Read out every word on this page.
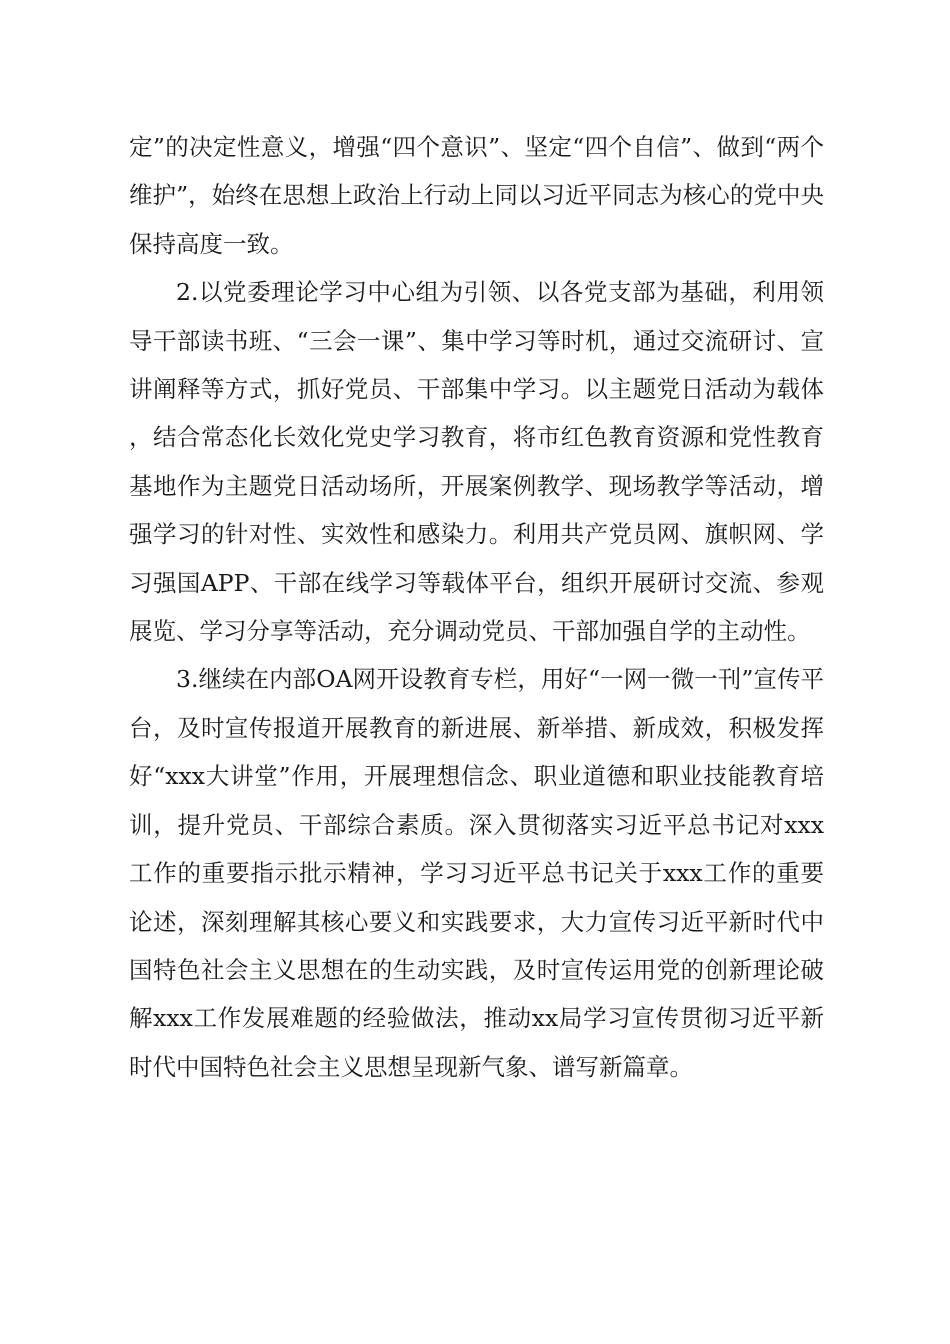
定”的决定性意义，增强“四个意识”、坚定“四个自信”、做到“两个维护”，始终在思想上政治上行动上同以习近平同志为核心的党中央保持高度一致。

2.以党委理论学习中心组为引领、以各党支部为基础，利用领导干部读书班、“三会一课”、集中学习等时机，通过交流研讨、宣讲阐释等方式，抓好党员、干部集中学习。以主题党日活动为载体，结合常态化长效化党史学习教育，将市红色教育资源和党性教育基地作为主题党日活动场所，开展案例教学、现场教学等活动，增强学习的针对性、实效性和感染力。利用共产党员网、旗帜网、学习强国APP、干部在线学习等载体平台，组织开展研讨交流、参观展览、学习分享等活动，充分调动党员、干部加强自学的主动性。

3.继续在内部OA网开设教育专栏，用好“一网一微一刊”宣传平台，及时宣传报道开展教育的新进展、新举措、新成效，积极发挥好“xxx大讲堂”作用，开展理想信念、职业道德和职业技能教育培训，提升党员、干部综合素质。深入贯彻落实习近平总书记对xxx工作的重要指示批示精神，学习习近平总书记关于xxx工作的重要论述，深刻理解其核心要义和实践要求，大力宣传习近平新时代中国特色社会主义思想在的生动实践，及时宣传运用党的创新理论破解xxx工作发展难题的经验做法，推动xx局学习宣传贯彻习近平新时代中国特色社会主义思想呈现新气象、谱写新篇章。
